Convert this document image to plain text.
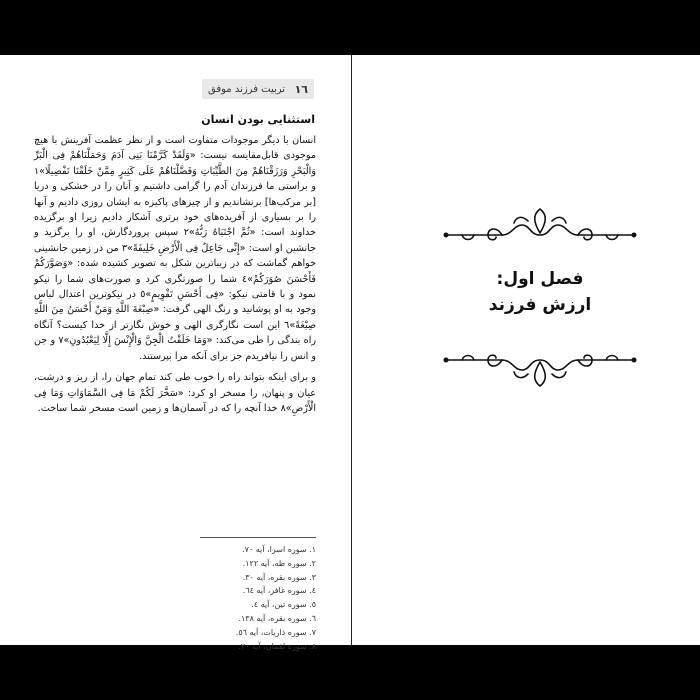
١٦
تربیت فرزند موفق
استثنایی بودن انسان

انسان با دیگر موجودات متفاوت است و از نظر عظمت آفرینش با هیچ موجودی قابل‌مقایسه نیست: «وَلَقَدْ کَرَّمْنَا بَنِی آدَمَ وَحَمَلْنَاهُمْ فِی الْبَرِّ وَالْبَحْرِ وَرَزَقْنَاهُمْ مِنَ الطَّیِّبَاتِ وَفَضَّلْنَاهُمْ عَلَى کَثِیرٍ مِمَّنْ خَلَقْنَا تَفْضِیلًا»١ و براستی ما فرزندان آدم را گرامی داشتیم و آنان را در خشکی و دریا [بر مرکب‌ها] برنشاندیم و از چیزهای پاکیزه به ایشان روزی دادیم و آنها را بر بسیاری از آفریده‌های خود برتری آشکار دادیم زیرا او برگزیده خداوند است: «ثُمَّ اجْتَبَاهُ رَبُّهُ»٢ سپس پروردگارش، او را برگزید و جانشین او است: «إِنِّی جَاعِلٌ فِی الْأَرْضِ خَلِیفَةً»٣ من در زمین جانشینی خواهم گماشت که در زیباترین شکل به تصویر کشیده شده: «وَصَوَّرَکُمْ فَأَحْسَنَ صُوَرَکُمْ»٤ شما را صورتگری کرد و صورت‌های شما را نیکو نمود و با قامتی نیکو: «فِی أَحْسَنِ تَقْوِیمٍ»٥ در نیکوترین اعتدال لباس وجود به او پوشانید و رنگ الهی گرفت: «صِبْغَةَ اللَّهِ وَمَنْ أَحْسَنُ مِنَ اللَّهِ صِبْغَةً»٦ این است نگارگری الهی و خوش نگارتر از خدا کیست؟ آنگاه راه بندگی را طی می‌کند: «وَمَا خَلَقْتُ الْجِنَّ وَالْإِنْسَ إِلَّا لِیَعْبُدُونِ»٧ و جن و انس را نیافریدم جز برای آنکه مرا بپرستند.

و برای اینکه بتواند راه را خوب طی کند تمام جهان را، از ریز و درشت، عیان و پنهان، را مسخر او کرد: «سَخَّرَ لَکُمْ مَا فِی السَّمَاوَاتِ وَمَا فِی الْأَرْضِ»٨ خدا آنچه را که در آسمان‌ها و زمین است مسخر شما ساخت.

١. سوره اسرا، آیه ٧٠.
٢. سوره طه، آیه ١٢٢.
٣. سوره بقره، آیه ٣٠.
٤. سوره غافر، آیه ٦٤.
٥. سوره تین، آیه ٤.
٦. سوره بقره، آیه ١٣٨.
٧. سوره ذاریات، آیه ٥٦.
٨. سوره لقمان، آیه ٢٠.
فصل اول:
ارزش فرزند
